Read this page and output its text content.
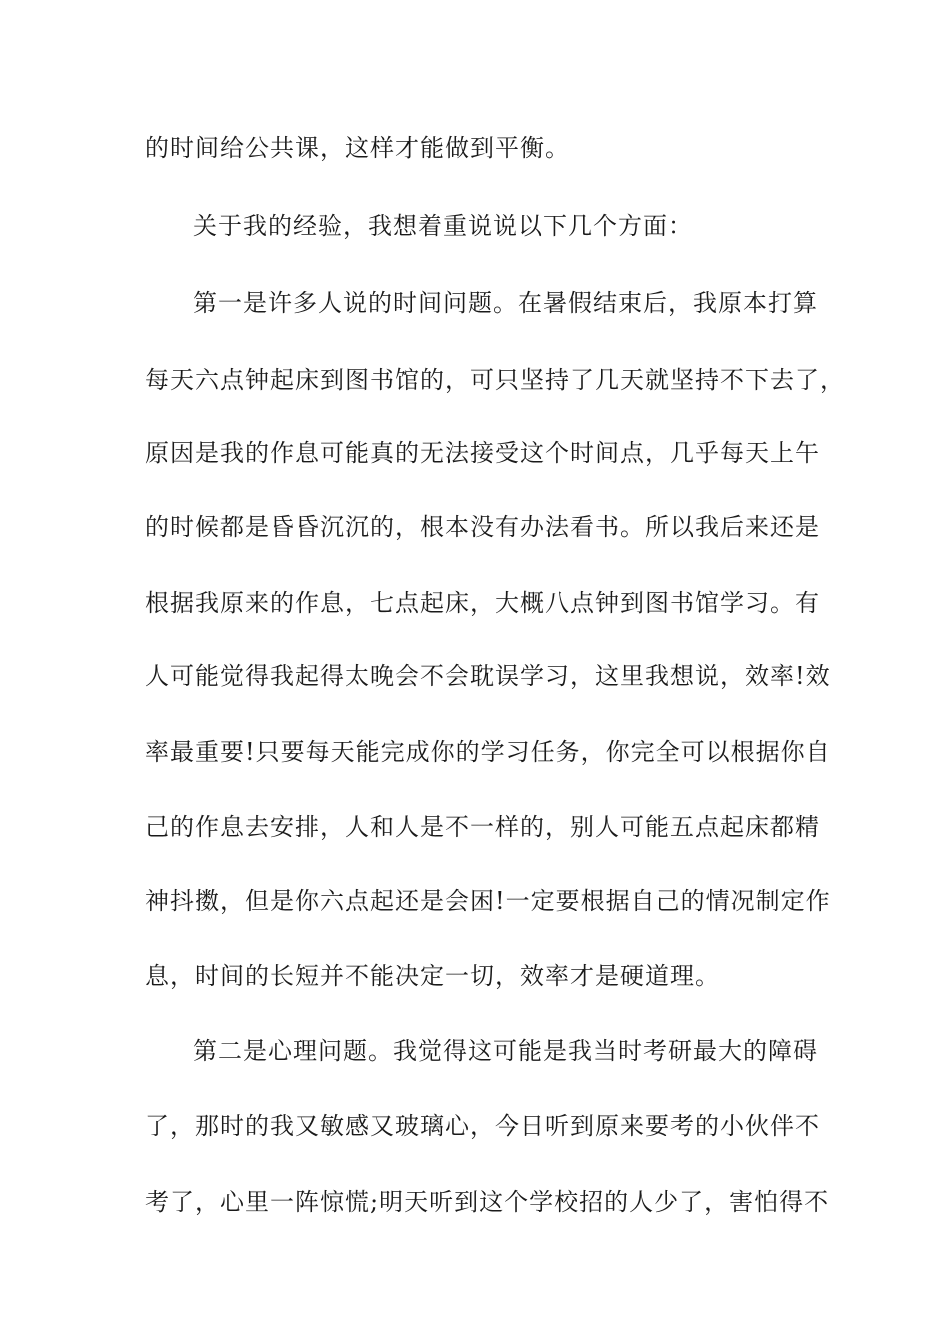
的时间给公共课，这样才能做到平衡。
关于我的经验，我想着重说说以下几个方面：
第一是许多人说的时间问题。在暑假结束后，我原本打算
每天六点钟起床到图书馆的，可只坚持了几天就坚持不下去了，
原因是我的作息可能真的无法接受这个时间点，几乎每天上午
的时候都是昏昏沉沉的，根本没有办法看书。所以我后来还是
根据我原来的作息，七点起床，大概八点钟到图书馆学习。有
人可能觉得我起得太晚会不会耽误学习，这里我想说，效率!效
率最重要!只要每天能完成你的学习任务，你完全可以根据你自
己的作息去安排，人和人是不一样的，别人可能五点起床都精
神抖擞，但是你六点起还是会困!一定要根据自己的情况制定作
息，时间的长短并不能决定一切，效率才是硬道理。
第二是心理问题。我觉得这可能是我当时考研最大的障碍
了，那时的我又敏感又玻璃心，今日听到原来要考的小伙伴不
考了，心里一阵惊慌;明天听到这个学校招的人少了，害怕得不
